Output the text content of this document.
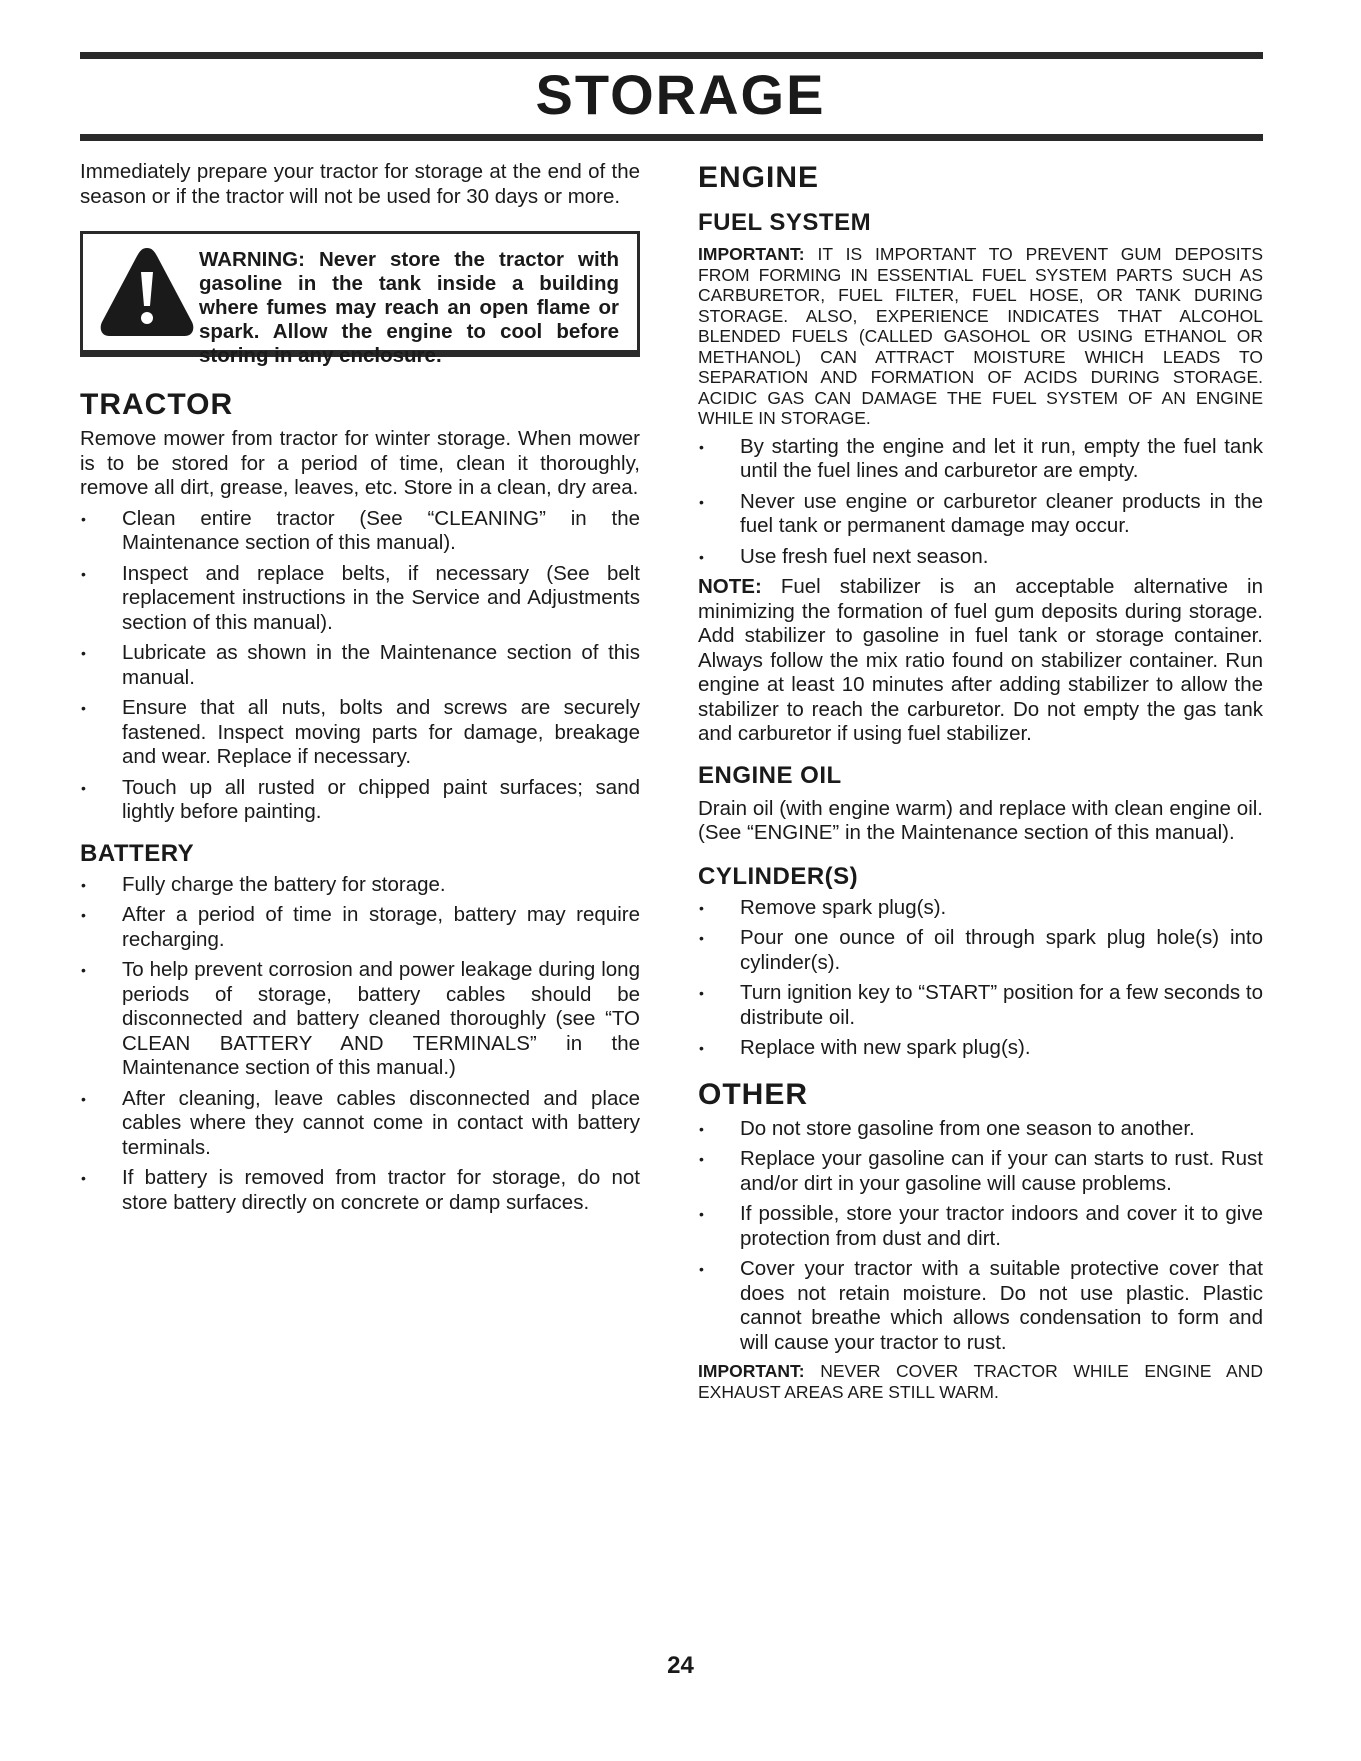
STORAGE

Immediately prepare your tractor for storage at the end of the season or if the tractor will not be used for 30 days or more.

WARNING: Never store the tractor with gasoline in the tank inside a building where fumes may reach an open flame or spark. Allow the engine to cool before storing in any enclosure.

TRACTOR

Remove mower from tractor for winter storage. When mower is to be stored for a period of time, clean it thoroughly, remove all dirt, grease, leaves, etc. Store in a clean, dry area.

• Clean entire tractor (See “CLEANING” in the Maintenance section of this manual).
• Inspect and replace belts, if necessary (See belt replacement instructions in the Service and Adjustments section of this manual).
• Lubricate as shown in the Maintenance section of this manual.
• Ensure that all nuts, bolts and screws are securely fastened. Inspect moving parts for damage, breakage and wear. Replace if necessary.
• Touch up all rusted or chipped paint surfaces; sand lightly before painting.
BATTERY
• Fully charge the battery for storage.
• After a period of time in storage, battery may require recharging.
• To help prevent corrosion and power leakage during long periods of storage, battery cables should be disconnected and battery cleaned thoroughly (see “TO CLEAN BATTERY AND TERMINALS” in the Maintenance section of this manual.)
• After cleaning, leave cables disconnected and place cables where they cannot come in contact with battery terminals.
• If battery is removed from tractor for storage, do not store battery directly on concrete or damp surfaces.
ENGINE
FUEL SYSTEM

IMPORTANT: IT IS IMPORTANT TO PREVENT GUM DEPOSITS FROM FORMING IN ESSENTIAL FUEL SYSTEM PARTS SUCH AS CARBURETOR, FUEL FILTER, FUEL HOSE, OR TANK DURING STORAGE. ALSO, EXPERIENCE INDICATES THAT ALCOHOL BLENDED FUELS (CALLED GASOHOL OR USING ETHANOL OR METHANOL) CAN ATTRACT MOISTURE WHICH LEADS TO SEPARATION AND FORMATION OF ACIDS DURING STORAGE. ACIDIC GAS CAN DAMAGE THE FUEL SYSTEM OF AN ENGINE WHILE IN STORAGE.

• By starting the engine and let it run, empty the fuel tank until the fuel lines and carburetor are empty.
• Never use engine or carburetor cleaner products in the fuel tank or permanent damage may occur.
• Use fresh fuel next season.

NOTE: Fuel stabilizer is an acceptable alternative in minimizing the formation of fuel gum deposits during storage. Add stabilizer to gasoline in fuel tank or storage container. Always follow the mix ratio found on stabilizer container. Run engine at least 10 minutes after adding stabilizer to allow the stabilizer to reach the carburetor. Do not empty the gas tank and carburetor if using fuel stabilizer.

ENGINE OIL

Drain oil (with engine warm) and replace with clean engine oil. (See “ENGINE” in the Maintenance section of this manual).

CYLINDER(S)
• Remove spark plug(s).
• Pour one ounce of oil through spark plug hole(s) into cylinder(s).
• Turn ignition key to “START” position for a few seconds to distribute oil.
• Replace with new spark plug(s).
OTHER
• Do not store gasoline from one season to another.
• Replace your gasoline can if your can starts to rust. Rust and/or dirt in your gasoline will cause problems.
• If possible, store your tractor indoors and cover it to give protection from dust and dirt.
• Cover your tractor with a suitable protective cover that does not retain moisture. Do not use plastic. Plastic cannot breathe which allows condensation to form and will cause your tractor to rust.

IMPORTANT: NEVER COVER TRACTOR WHILE ENGINE AND EXHAUST AREAS ARE STILL WARM.

24
